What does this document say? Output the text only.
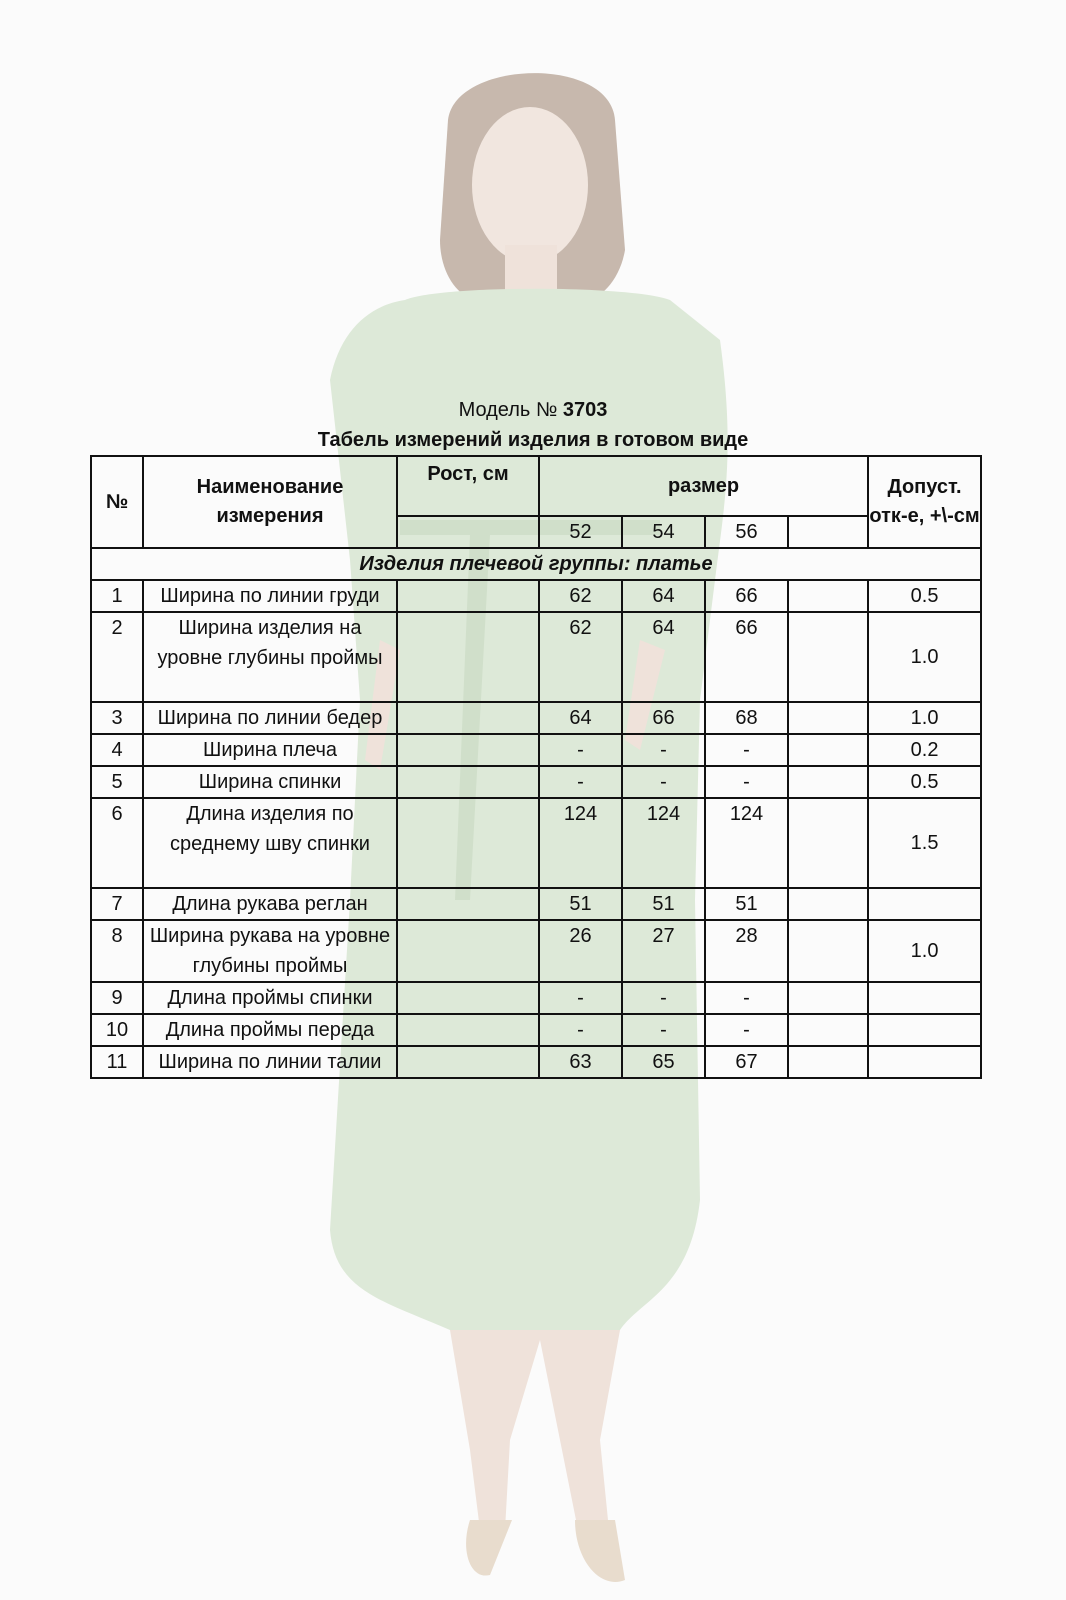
Модель № 3703
Табель измерений изделия в готовом виде
№	Наименование измерения	Рост, см	размер				Допуст. отк-е, +\-см
			52	54	56		
Изделия плечевой группы: платье							
1	Ширина по линии груди		62	64	66		0.5
2	Ширина изделия на уровне глубины проймы		62	64	66		1.0
3	Ширина по линии бедер		64	66	68		1.0
4	Ширина плеча		-	-	-		0.2
5	Ширина спинки		-	-	-		0.5
6	Длина изделия по среднему шву спинки		124	124	124		1.5
7	Длина рукава реглан		51	51	51		
8	Ширина рукава на уровне глубины проймы		26	27	28		1.0
9	Длина проймы спинки		-	-	-		
10	Длина проймы переда		-	-	-		
11	Ширина по линии талии		63	65	67		
